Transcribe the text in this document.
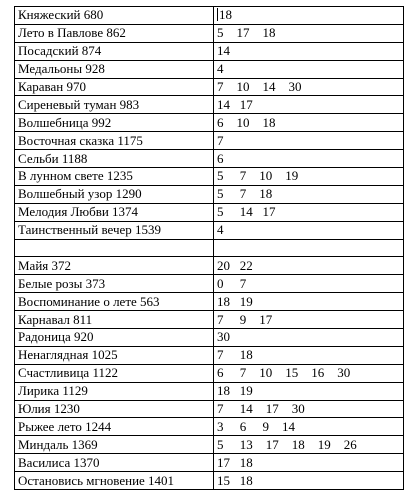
Княжеский 680	18
Лето в Павлове 862	5    17    18
Посадский 874	14
Медальоны 928	4
Караван 970	7    10    14    30
Сиреневый туман 983	14   17
Волшебница 992	6    10    18
Восточная сказка 1175	7
Сельби 1188	6
В лунном свете 1235	5     7    10    19
Волшебный узор 1290	5     7    18
Мелодия Любви 1374	5     14   17
Таинственный вечер 1539	4

Майя 372	20   22
Белые розы 373	0     7
Воспоминание о лете 563	18   19
Карнавал 811	7     9    17
Радоница 920	30
Ненаглядная 1025	7     18
Счастливица 1122	6     7    10    15    16    30
Лирика 1129	18   19
Юлия 1230	7     14    17    30
Рыжее лето 1244	3     6     9    14
Миндаль 1369	5     13    17    18    19    26
Василиса 1370	17   18
Остановись мгновение 1401	15   18
